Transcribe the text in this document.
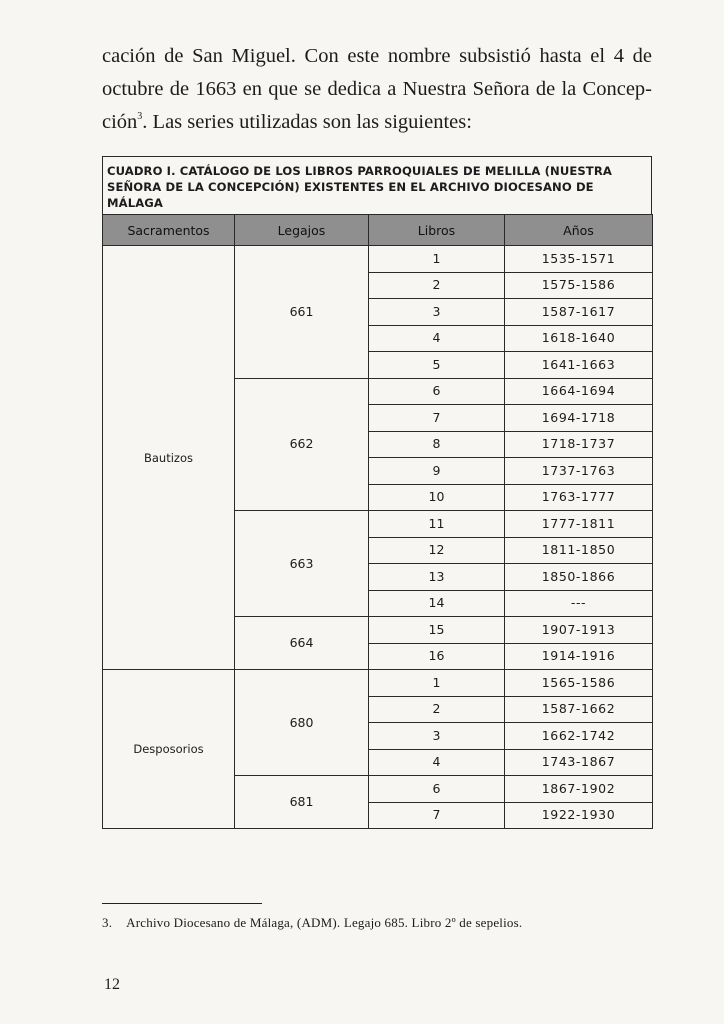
cación de San Miguel. Con este nombre subsistió hasta el 4 de
octubre de 1663 en que se dedica a Nuestra Señora de la Concep-
ción$^3$. Las series utilizadas son las siguientes:

CUADRO I. CATÁLOGO DE LOS LIBROS PARROQUIALES DE MELILLA (NUESTRA SEÑORA DE LA CONCEPCIÓN) EXISTENTES EN EL ARCHIVO DIOCESANO DE MÁLAGA
Sacramentos	Legajos	Libros	Años
Bautizos	661	1	1535-1571
		2	1575-1586
		3	1587-1617
		4	1618-1640
		5	1641-1663
	662	6	1664-1694
		7	1694-1718
		8	1718-1737
		9	1737-1763
		10	1763-1777
	663	11	1777-1811
		12	1811-1850
		13	1850-1866
		14	---
	664	15	1907-1913
		16	1914-1916
Desposorios	680	1	1565-1586
		2	1587-1662
		3	1662-1742
		4	1743-1867
	681	6	1867-1902
		7	1922-1930
3. Archivo Diocesano de Málaga, (ADM). Legajo 685. Libro 2º de sepelios.
12
